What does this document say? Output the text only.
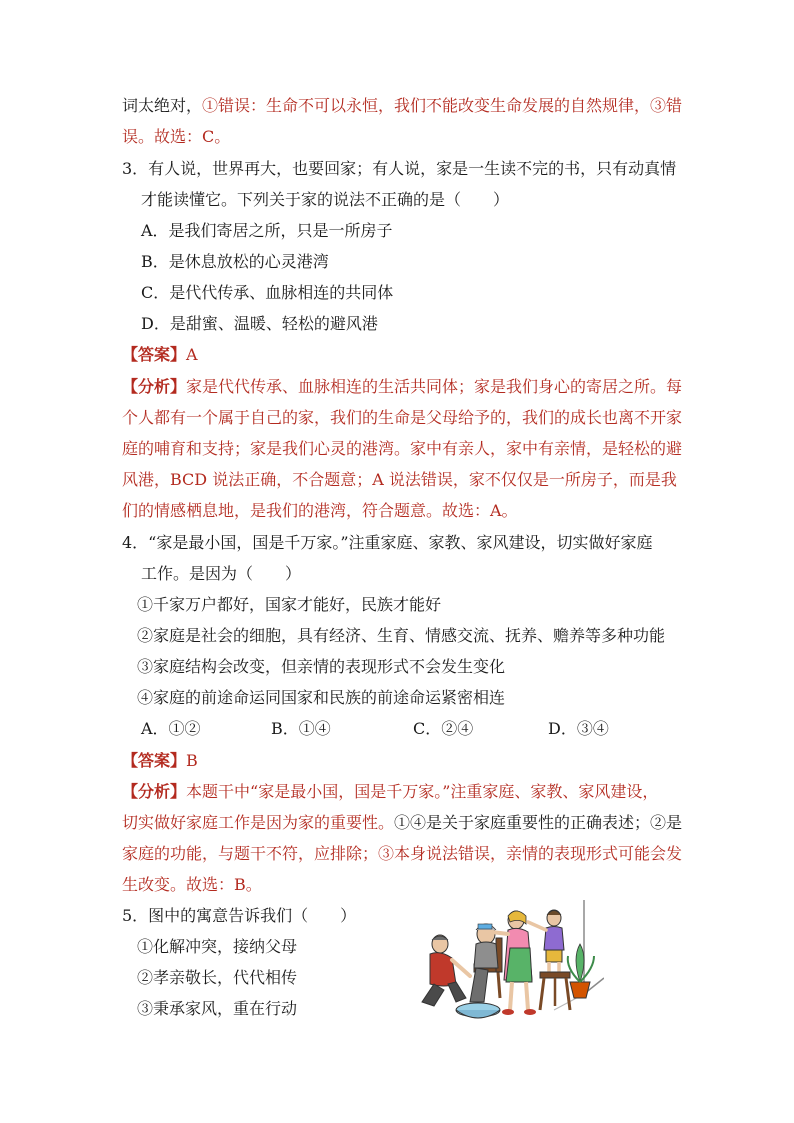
词太绝对，①错误：生命不可以永恒，我们不能改变生命发展的自然规律，③错
误。故选：C。
3．有人说，世界再大，也要回家；有人说，家是一生读不完的书，只有动真情
才能读懂它。下列关于家的说法不正确的是（　　）
A．是我们寄居之所，只是一所房子
B．是休息放松的心灵港湾
C．是代代传承、血脉相连的共同体
D．是甜蜜、温暖、轻松的避风港
【答案】A
【分析】家是代代传承、血脉相连的生活共同体；家是我们身心的寄居之所。每
个人都有一个属于自己的家，我们的生命是父母给予的，我们的成长也离不开家
庭的哺育和支持；家是我们心灵的港湾。家中有亲人，家中有亲情，是轻松的避
风港，BCD 说法正确，不合题意；A 说法错误，家不仅仅是一所房子，而是我
们的情感栖息地，是我们的港湾，符合题意。故选：A。
4．“家是最小国，国是千万家。”注重家庭、家教、家风建设，切实做好家庭
工作。是因为（　　）
①千家万户都好，国家才能好，民族才能好
②家庭是社会的细胞，具有经济、生育、情感交流、抚养、赡养等多种功能
③家庭结构会改变，但亲情的表现形式不会发生变化
④家庭的前途命运同国家和民族的前途命运紧密相连
A．①②	B．①④	C．②④	D．③④
【答案】B
【分析】本题干中“家是最小国，国是千万家。”注重家庭、家教、家风建设，
切实做好家庭工作是因为家的重要性。①④是关于家庭重要性的正确表述；②是
家庭的功能，与题干不符，应排除；③本身说法错误，亲情的表现形式可能会发
生改变。故选：B。
5．图中的寓意告诉我们（　　）
①化解冲突，接纳父母
②孝亲敬长，代代相传
③秉承家风，重在行动
